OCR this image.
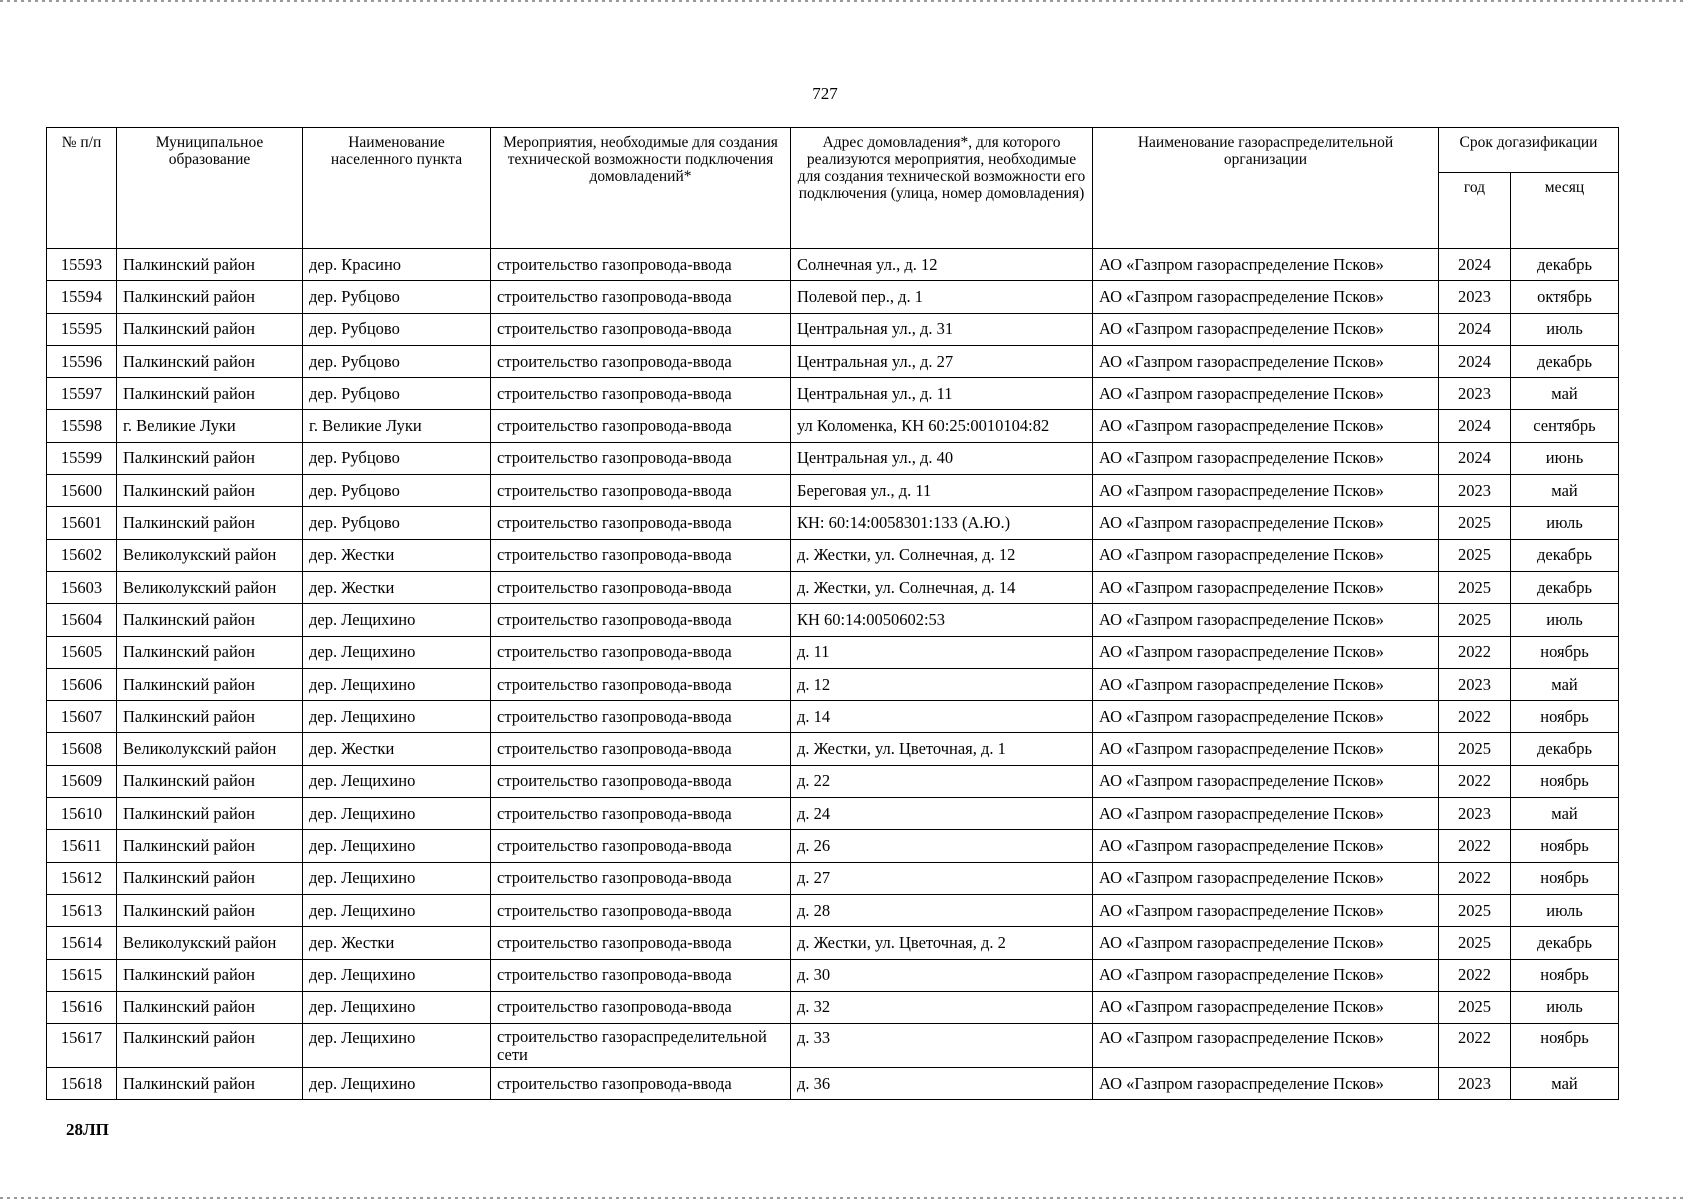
727
№ п/п	Муниципальное образование	Наименование населенного пункта	Мероприятия, необходимые для создания технической возможности подключения домовладений*	Адрес домовладения*, для которого реализуются мероприятия, необходимые для создания технической возможности его подключения (улица, номер домовладения)	Наименование газораспределительной организации	Срок догазификации	
						год	месяц
15593	Палкинский район	дер. Красино	строительство газопровода-ввода	Солнечная ул., д. 12	АО «Газпром газораспределение Псков»	2024	декабрь
15594	Палкинский район	дер. Рубцово	строительство газопровода-ввода	Полевой пер., д. 1	АО «Газпром газораспределение Псков»	2023	октябрь
15595	Палкинский район	дер. Рубцово	строительство газопровода-ввода	Центральная ул., д. 31	АО «Газпром газораспределение Псков»	2024	июль
15596	Палкинский район	дер. Рубцово	строительство газопровода-ввода	Центральная ул., д. 27	АО «Газпром газораспределение Псков»	2024	декабрь
15597	Палкинский район	дер. Рубцово	строительство газопровода-ввода	Центральная ул., д. 11	АО «Газпром газораспределение Псков»	2023	май
15598	г. Великие Луки	г. Великие Луки	строительство газопровода-ввода	ул Коломенка, КН 60:25:0010104:82	АО «Газпром газораспределение Псков»	2024	сентябрь
15599	Палкинский район	дер. Рубцово	строительство газопровода-ввода	Центральная ул., д. 40	АО «Газпром газораспределение Псков»	2024	июнь
15600	Палкинский район	дер. Рубцово	строительство газопровода-ввода	Береговая ул., д. 11	АО «Газпром газораспределение Псков»	2023	май
15601	Палкинский район	дер. Рубцово	строительство газопровода-ввода	КН: 60:14:0058301:133 (А.Ю.)	АО «Газпром газораспределение Псков»	2025	июль
15602	Великолукский район	дер. Жестки	строительство газопровода-ввода	д. Жестки, ул. Солнечная, д. 12	АО «Газпром газораспределение Псков»	2025	декабрь
15603	Великолукский район	дер. Жестки	строительство газопровода-ввода	д. Жестки, ул. Солнечная, д. 14	АО «Газпром газораспределение Псков»	2025	декабрь
15604	Палкинский район	дер. Лещихино	строительство газопровода-ввода	КН 60:14:0050602:53	АО «Газпром газораспределение Псков»	2025	июль
15605	Палкинский район	дер. Лещихино	строительство газопровода-ввода	д. 11	АО «Газпром газораспределение Псков»	2022	ноябрь
15606	Палкинский район	дер. Лещихино	строительство газопровода-ввода	д. 12	АО «Газпром газораспределение Псков»	2023	май
15607	Палкинский район	дер. Лещихино	строительство газопровода-ввода	д. 14	АО «Газпром газораспределение Псков»	2022	ноябрь
15608	Великолукский район	дер. Жестки	строительство газопровода-ввода	д. Жестки, ул. Цветочная, д. 1	АО «Газпром газораспределение Псков»	2025	декабрь
15609	Палкинский район	дер. Лещихино	строительство газопровода-ввода	д. 22	АО «Газпром газораспределение Псков»	2022	ноябрь
15610	Палкинский район	дер. Лещихино	строительство газопровода-ввода	д. 24	АО «Газпром газораспределение Псков»	2023	май
15611	Палкинский район	дер. Лещихино	строительство газопровода-ввода	д. 26	АО «Газпром газораспределение Псков»	2022	ноябрь
15612	Палкинский район	дер. Лещихино	строительство газопровода-ввода	д. 27	АО «Газпром газораспределение Псков»	2022	ноябрь
15613	Палкинский район	дер. Лещихино	строительство газопровода-ввода	д. 28	АО «Газпром газораспределение Псков»	2025	июль
15614	Великолукский район	дер. Жестки	строительство газопровода-ввода	д. Жестки, ул. Цветочная, д. 2	АО «Газпром газораспределение Псков»	2025	декабрь
15615	Палкинский район	дер. Лещихино	строительство газопровода-ввода	д. 30	АО «Газпром газораспределение Псков»	2022	ноябрь
15616	Палкинский район	дер. Лещихино	строительство газопровода-ввода	д. 32	АО «Газпром газораспределение Псков»	2025	июль
15617	Палкинский район	дер. Лещихино	строительство газораспределительной сети	д. 33	АО «Газпром газораспределение Псков»	2022	ноябрь
15618	Палкинский район	дер. Лещихино	строительство газопровода-ввода	д. 36	АО «Газпром газораспределение Псков»	2023	май
28ЛП
